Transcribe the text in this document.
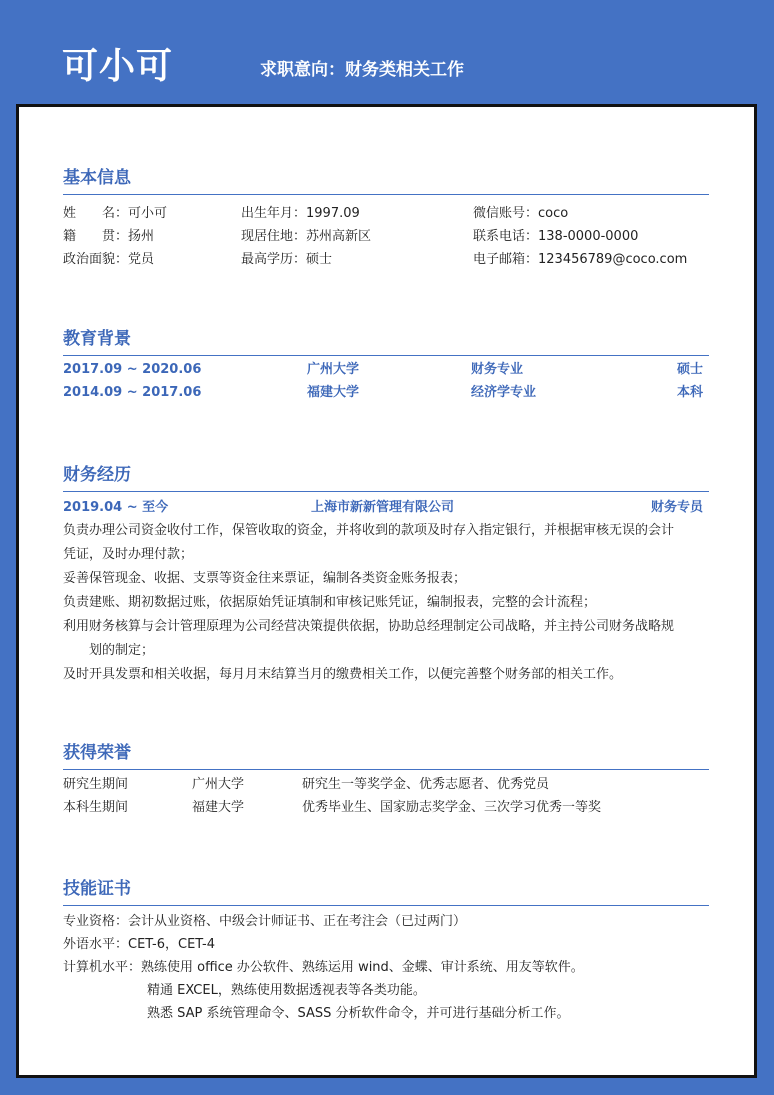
可小可	求职意向：财务类相关工作
基本信息
姓　　名：可小可	出生年月：1997.09	微信账号：coco
籍　　贯：扬州	现居住地：苏州高新区	联系电话：138-0000-0000
政治面貌：党员	最高学历：硕士	电子邮箱：123456789@coco.com
教育背景
2017.09 ~ 2020.06	广州大学	财务专业	硕士
2014.09 ~ 2017.06	福建大学	经济学专业	本科
财务经历
2019.04 ~ 至今	上海市新新管理有限公司	财务专员
负责办理公司资金收付工作，保管收取的资金，并将收到的款项及时存入指定银行，并根据审核无误的会计
凭证，及时办理付款；
妥善保管现金、收据、支票等资金往来票证，编制各类资金账务报表；
负责建账、期初数据过账，依据原始凭证填制和审核记账凭证，编制报表，完整的会计流程；
利用财务核算与会计管理原理为公司经营决策提供依据，协助总经理制定公司战略，并主持公司财务战略规
　　划的制定；
及时开具发票和相关收据，每月月末结算当月的缴费相关工作，以便完善整个财务部的相关工作。
获得荣誉
研究生期间	广州大学	研究生一等奖学金、优秀志愿者、优秀党员
本科生期间	福建大学	优秀毕业生、国家励志奖学金、三次学习优秀一等奖
技能证书
专业资格：会计从业资格、中级会计师证书、正在考注会（已过两门）
外语水平：CET-6，CET-4
计算机水平：熟练使用 office 办公软件、熟练运用 wind、金蝶、审计系统、用友等软件。
精通 EXCEL，熟练使用数据透视表等各类功能。
熟悉 SAP 系统管理命令、SASS 分析软件命令，并可进行基础分析工作。
